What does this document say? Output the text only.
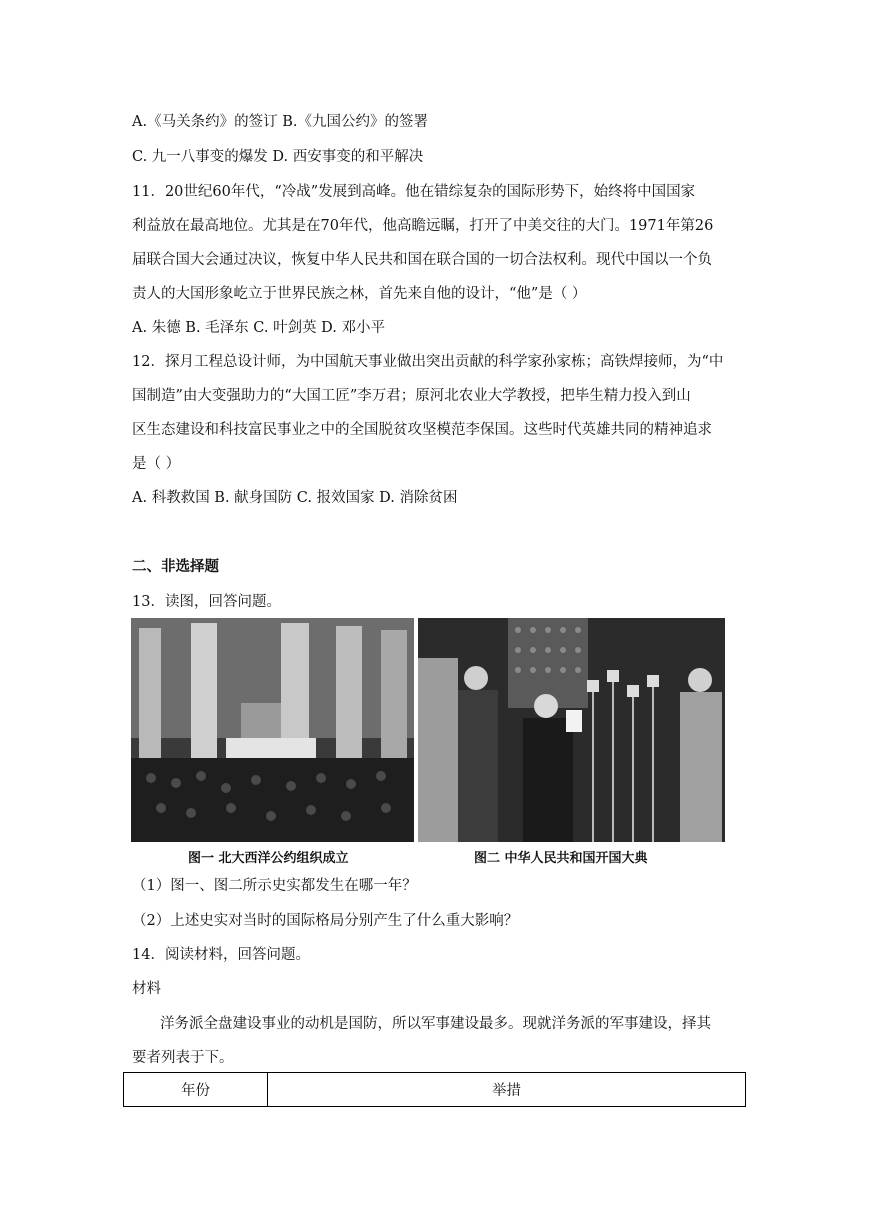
A.《马关条约》的签订 B.《九国公约》的签署
C. 九一八事变的爆发 D. 西安事变的和平解决
11．20世纪60年代，“冷战”发展到高峰。他在错综复杂的国际形势下，始终将中国国家
利益放在最高地位。尤其是在70年代，他高瞻远瞩，打开了中美交往的大门。1971年第26
届联合国大会通过决议，恢复中华人民共和国在联合国的一切合法权利。现代中国以一个负
责人的大国形象屹立于世界民族之林，首先来自他的设计，“他”是（ ）
A. 朱德 B. 毛泽东 C. 叶剑英 D. 邓小平
12．探月工程总设计师，为中国航天事业做出突出贡献的科学家孙家栋；高铁焊接师，为“中
国制造”由大变强助力的“大国工匠”李万君；原河北农业大学教授，把毕生精力投入到山
区生态建设和科技富民事业之中的全国脱贫攻坚模范李保国。这些时代英雄共同的精神追求
是（ ）
A. 科教救国 B. 献身国防 C. 报效国家 D. 消除贫困
二、非选择题
13．读图，回答问题。
图一 北大西洋公约组织成立	图二 中华人民共和国开国大典
（1）图一、图二所示史实都发生在哪一年？
（2）上述史实对当时的国际格局分别产生了什么重大影响？
14．阅读材料，回答问题。
材料
洋务派全盘建设事业的动机是国防，所以军事建设最多。现就洋务派的军事建设，择其
要者列表于下。
年份	举措
